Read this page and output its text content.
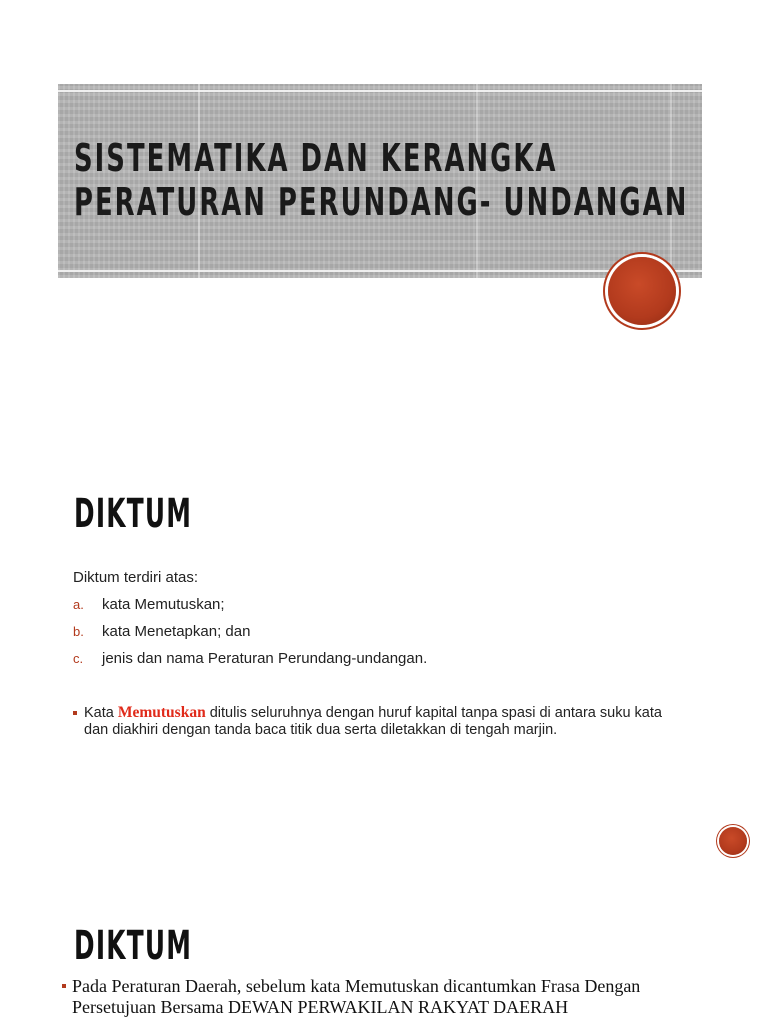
SISTEMATIKA DAN KERANGKA
PERATURAN PERUNDANG- UNDANGAN
DIKTUM
Diktum terdiri atas:
a.	kata Memutuskan;
b.	kata Menetapkan; dan
c.	jenis dan nama Peraturan Perundang-undangan.
Kata Memutuskan ditulis seluruhnya dengan huruf kapital tanpa spasi di antara suku kata dan diakhiri dengan tanda baca titik dua serta diletakkan di tengah marjin.
DIKTUM
Pada Peraturan Daerah, sebelum kata Memutuskan dicantumkan Frasa Dengan Persetujuan Bersama DEWAN PERWAKILAN RAKYAT DAERAH
